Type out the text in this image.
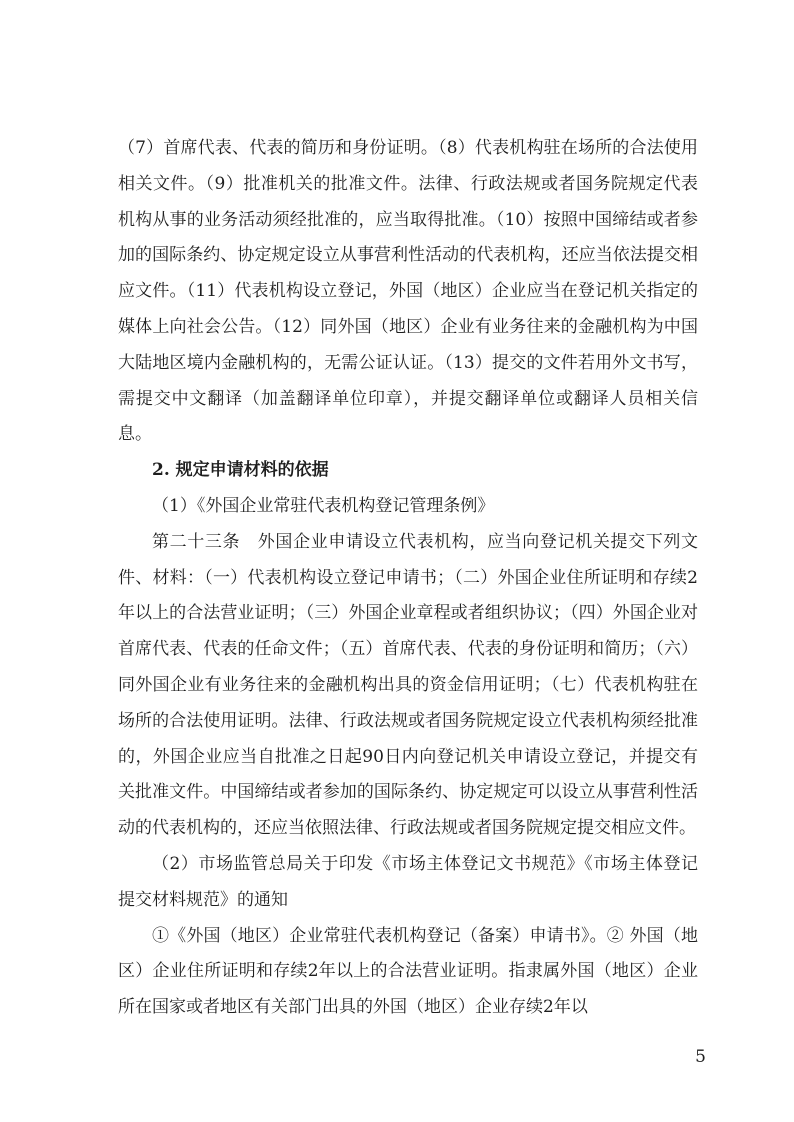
（7）首席代表、代表的简历和身份证明。（8）代表机构驻在场所的合法使用相关文件。（9）批准机关的批准文件。法律、行政法规或者国务院规定代表机构从事的业务活动须经批准的，应当取得批准。（10）按照中国缔结或者参加的国际条约、协定规定设立从事营利性活动的代表机构，还应当依法提交相应文件。（11）代表机构设立登记，外国（地区）企业应当在登记机关指定的媒体上向社会公告。（12）同外国（地区）企业有业务往来的金融机构为中国大陆地区境内金融机构的，无需公证认证。（13）提交的文件若用外文书写，需提交中文翻译（加盖翻译单位印章），并提交翻译单位或翻译人员相关信息。

2. 规定申请材料的依据

（1）《外国企业常驻代表机构登记管理条例》

第二十三条　外国企业申请设立代表机构，应当向登记机关提交下列文件、材料：（一）代表机构设立登记申请书；（二）外国企业住所证明和存续2年以上的合法营业证明；（三）外国企业章程或者组织协议；（四）外国企业对首席代表、代表的任命文件；（五）首席代表、代表的身份证明和简历；（六）同外国企业有业务往来的金融机构出具的资金信用证明；（七）代表机构驻在场所的合法使用证明。法律、行政法规或者国务院规定设立代表机构须经批准的，外国企业应当自批准之日起90日内向登记机关申请设立登记，并提交有关批准文件。中国缔结或者参加的国际条约、协定规定可以设立从事营利性活动的代表机构的，还应当依照法律、行政法规或者国务院规定提交相应文件。

（2）市场监管总局关于印发《市场主体登记文书规范》《市场主体登记提交材料规范》的通知

①《外国（地区）企业常驻代表机构登记（备案）申请书》。② 外国（地区）企业住所证明和存续2年以上的合法营业证明。指隶属外国（地区）企业所在国家或者地区有关部门出具的外国（地区）企业存续2年以

5
